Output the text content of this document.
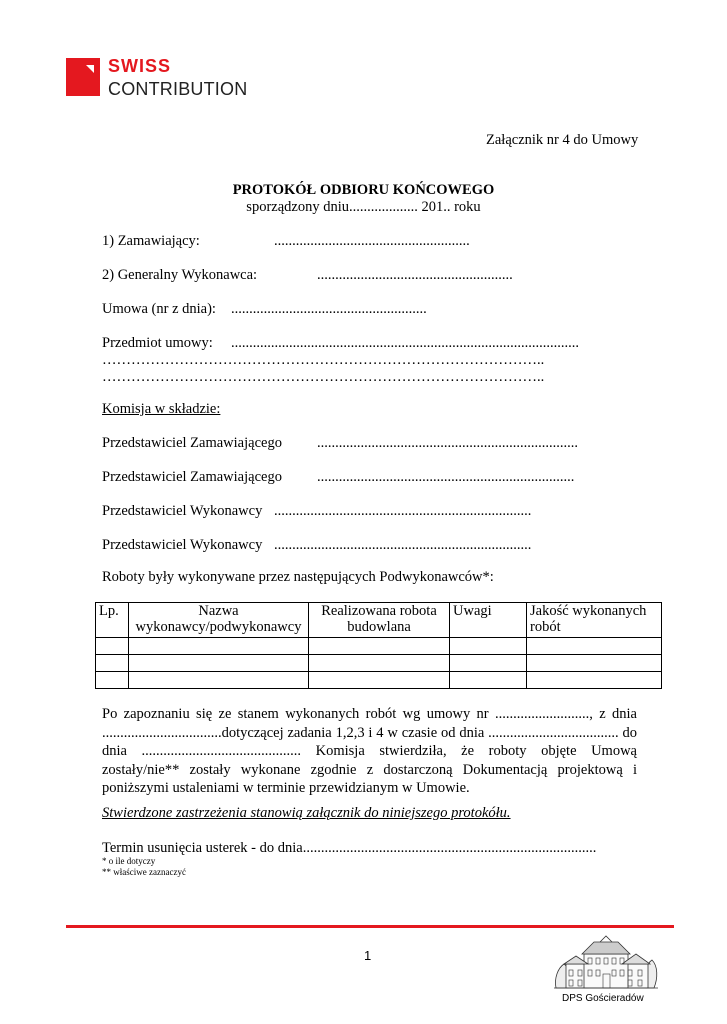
SWISS
CONTRIBUTION
Załącznik nr 4 do Umowy
PROTOKÓŁ ODBIORU KOŃCOWEGO
sporządzony dniu................... 201.. roku
1) Zamawiający:	......................................................
2) Generalny Wykonawca:	......................................................
Umowa (nr z dnia): ......................................................
Przedmiot umowy: ................................................................................................
………………………………………………………………………………..
………………………………………………………………………………..
Komisja w składzie:
Przedstawiciel Zamawiającego ........................................................................
Przedstawiciel Zamawiającego .......................................................................
Przedstawiciel Wykonawcy .......................................................................
Przedstawiciel Wykonawcy .......................................................................
Roboty były wykonywane przez następujących Podwykonawców*:
Lp.	Nazwa wykonawcy/podwykonawcy	Realizowana robota budowlana	Uwagi	Jakość wykonanych robót

Po zapoznaniu się ze stanem wykonanych robót wg umowy nr .........................., z dnia .................................dotyczącej zadania 1,2,3 i 4 w czasie od dnia .................................... do dnia ............................................ Komisja stwierdziła, że roboty objęte Umową zostały/nie** zostały wykonane zgodnie z dostarczoną Dokumentacją projektową i poniższymi ustaleniami w terminie przewidzianym w Umowie.
Stwierdzone zastrzeżenia stanowią załącznik do niniejszego protokółu.
Termin usunięcia usterek - do dnia.................................................................................
* o ile dotyczy
** właściwe zaznaczyć
1
DPS Gościeradów
